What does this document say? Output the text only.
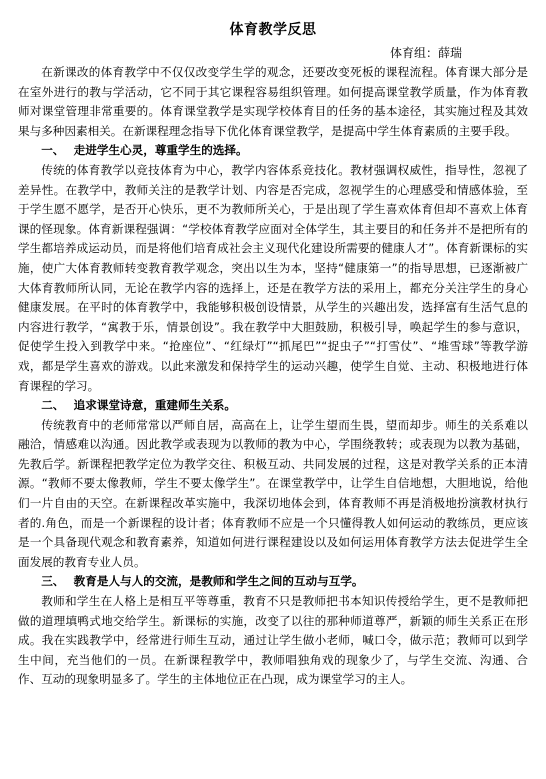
体育教学反思

体育组：薛瑞

在新课改的体育教学中不仅仅改变学生学的观念，还要改变死板的课程流程。体育课大部分是在室外进行的教与学活动，它不同于其它课程容易组织管理。如何提高课堂教学质量，作为体育教师对课堂管理非常重要的。体育课堂教学是实现学校体育目的任务的基本途径，其实施过程及其效果与多种因素相关。在新课程理念指导下优化体育课堂教学，是提高中学生体育素质的主要手段。

一、 走进学生心灵，尊重学生的选择。

传统的体育教学以竞技体育为中心，教学内容体系竞技化。教材强调权威性，指导性，忽视了差异性。在教学中，教师关注的是教学计划、内容是否完成，忽视学生的心理感受和情感体验，至于学生愿不愿学，是否开心快乐，更不为教师所关心，于是出现了学生喜欢体育但却不喜欢上体育课的怪现象。体育新课程强调：“学校体育教学应面对全体学生，其主要目的和任务并不是把所有的学生都培养成运动员，而是将他们培育成社会主义现代化建设所需要的健康人才”。体育新课标的实施，使广大体育教师转变教育教学观念，突出以生为本，坚持“健康第一”的指导思想，已逐渐被广大体育教师所认同，无论在教学内容的选择上，还是在教学方法的采用上，都充分关注学生的身心健康发展。在平时的体育教学中，我能够积极创设情景，从学生的兴趣出发，选择富有生活气息的内容进行教学，“寓教于乐，情景创设”。我在教学中大胆鼓励，积极引导，唤起学生的参与意识，促使学生投入到教学中来。“抢座位”、“红绿灯”“抓尾巴”“捉虫子”“打雪仗”、“堆雪球”等教学游戏，都是学生喜欢的游戏。以此来激发和保持学生的运动兴趣，使学生自觉、主动、积极地进行体育课程的学习。

二、 追求课堂诗意，重建师生关系。

传统教育中的老师常常以严师自居，高高在上，让学生望而生畏，望而却步。师生的关系难以融洽，情感难以沟通。因此教学或表现为以教师的教为中心，学围绕教转；或表现为以教为基础，先教后学。新课程把教学定位为教学交往、积极互动、共同发展的过程，这是对教学关系的正本清源。“教师不要太像教师，学生不要太像学生”。在课堂教学中，让学生自信地想，大胆地说，给他们一片自由的天空。在新课程改革实施中，我深切地体会到，体育教师不再是消极地扮演教材执行者的.角色，而是一个新课程的设计者；体育教师不应是一个只懂得教人如何运动的教练员，更应该是一个具备现代观念和教育素养，知道如何进行课程建设以及如何运用体育教学方法去促进学生全面发展的教育专业人员。

三、 教育是人与人的交流，是教师和学生之间的互动与互学。

教师和学生在人格上是相互平等尊重，教育不只是教师把书本知识传授给学生，更不是教师把做的道理填鸭式地交给学生。新课标的实施，改变了以往的那种师道尊严，新颖的师生关系正在形成。我在实践教学中，经常进行师生互动，通过让学生做小老师，喊口令，做示范；教师可以到学生中间，充当他们的一员。在新课程教学中，教师唱独角戏的现象少了，与学生交流、沟通、合作、互动的现象明显多了。学生的主体地位正在凸现，成为课堂学习的主人。
